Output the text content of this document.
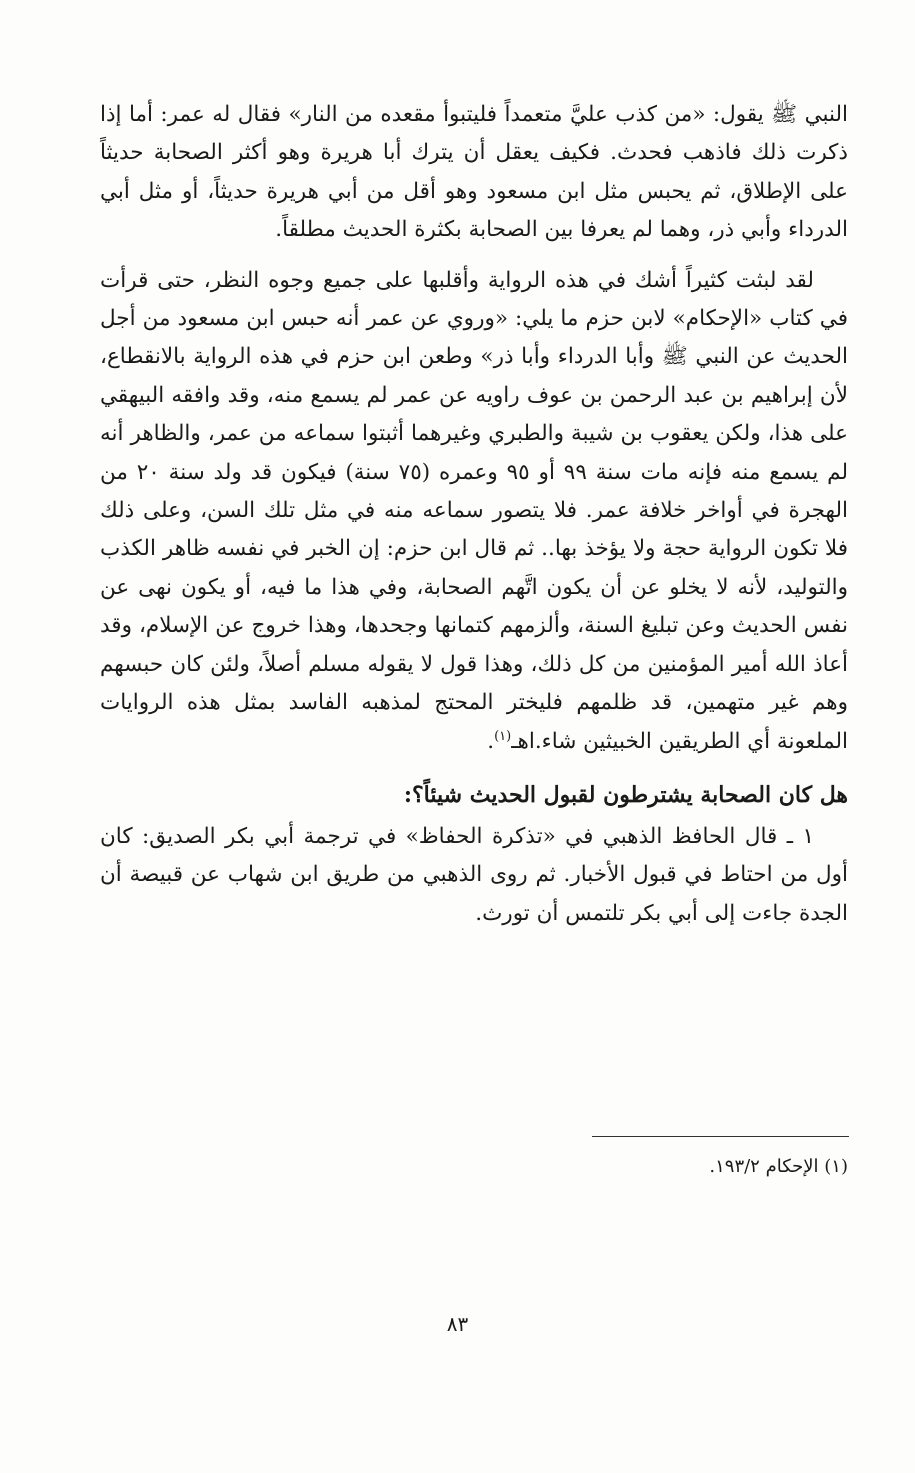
النبي ﷺ يقول: «من كذب عليَّ متعمداً فليتبوأ مقعده من النار» فقال له عمر: أما إذا ذكرت ذلك فاذهب فحدث. فكيف يعقل أن يترك أبا هريرة وهو أكثر الصحابة حديثاً على الإطلاق، ثم يحبس مثل ابن مسعود وهو أقل من أبي هريرة حديثاً، أو مثل أبي الدرداء وأبي ذر، وهما لم يعرفا بين الصحابة بكثرة الحديث مطلقاً.

لقد لبثت كثيراً أشك في هذه الرواية وأقلبها على جميع وجوه النظر، حتى قرأت في كتاب «الإحكام» لابن حزم ما يلي: «وروي عن عمر أنه حبس ابن مسعود من أجل الحديث عن النبي ﷺ وأبا الدرداء وأبا ذر» وطعن ابن حزم في هذه الرواية بالانقطاع، لأن إبراهيم بن عبد الرحمن بن عوف راويه عن عمر لم يسمع منه، وقد وافقه البيهقي على هذا، ولكن يعقوب بن شيبة والطبري وغيرهما أثبتوا سماعه من عمر، والظاهر أنه لم يسمع منه فإنه مات سنة ٩٩ أو ٩٥ وعمره (٧٥ سنة) فيكون قد ولد سنة ٢٠ من الهجرة في أواخر خلافة عمر. فلا يتصور سماعه منه في مثل تلك السن، وعلى ذلك فلا تكون الرواية حجة ولا يؤخذ بها.. ثم قال ابن حزم: إن الخبر في نفسه ظاهر الكذب والتوليد، لأنه لا يخلو عن أن يكون اتَّهم الصحابة، وفي هذا ما فيه، أو يكون نهى عن نفس الحديث وعن تبليغ السنة، وألزمهم كتمانها وجحدها، وهذا خروج عن الإسلام، وقد أعاذ الله أمير المؤمنين من كل ذلك، وهذا قول لا يقوله مسلم أصلاً، ولئن كان حبسهم وهم غير متهمين، قد ظلمهم فليختر المحتج لمذهبه الفاسد بمثل هذه الروايات الملعونة أي الطريقين الخبيثين شاء.اهـ$^{(١)}$.

هل كان الصحابة يشترطون لقبول الحديث شيئاً؟:

١ ـ قال الحافظ الذهبي في «تذكرة الحفاظ» في ترجمة أبي بكر الصديق: كان أول من احتاط في قبول الأخبار. ثم روى الذهبي من طريق ابن شهاب عن قبيصة أن الجدة جاءت إلى أبي بكر تلتمس أن تورث.

(١) الإحكام ١٩٣/٢.
٨٣
